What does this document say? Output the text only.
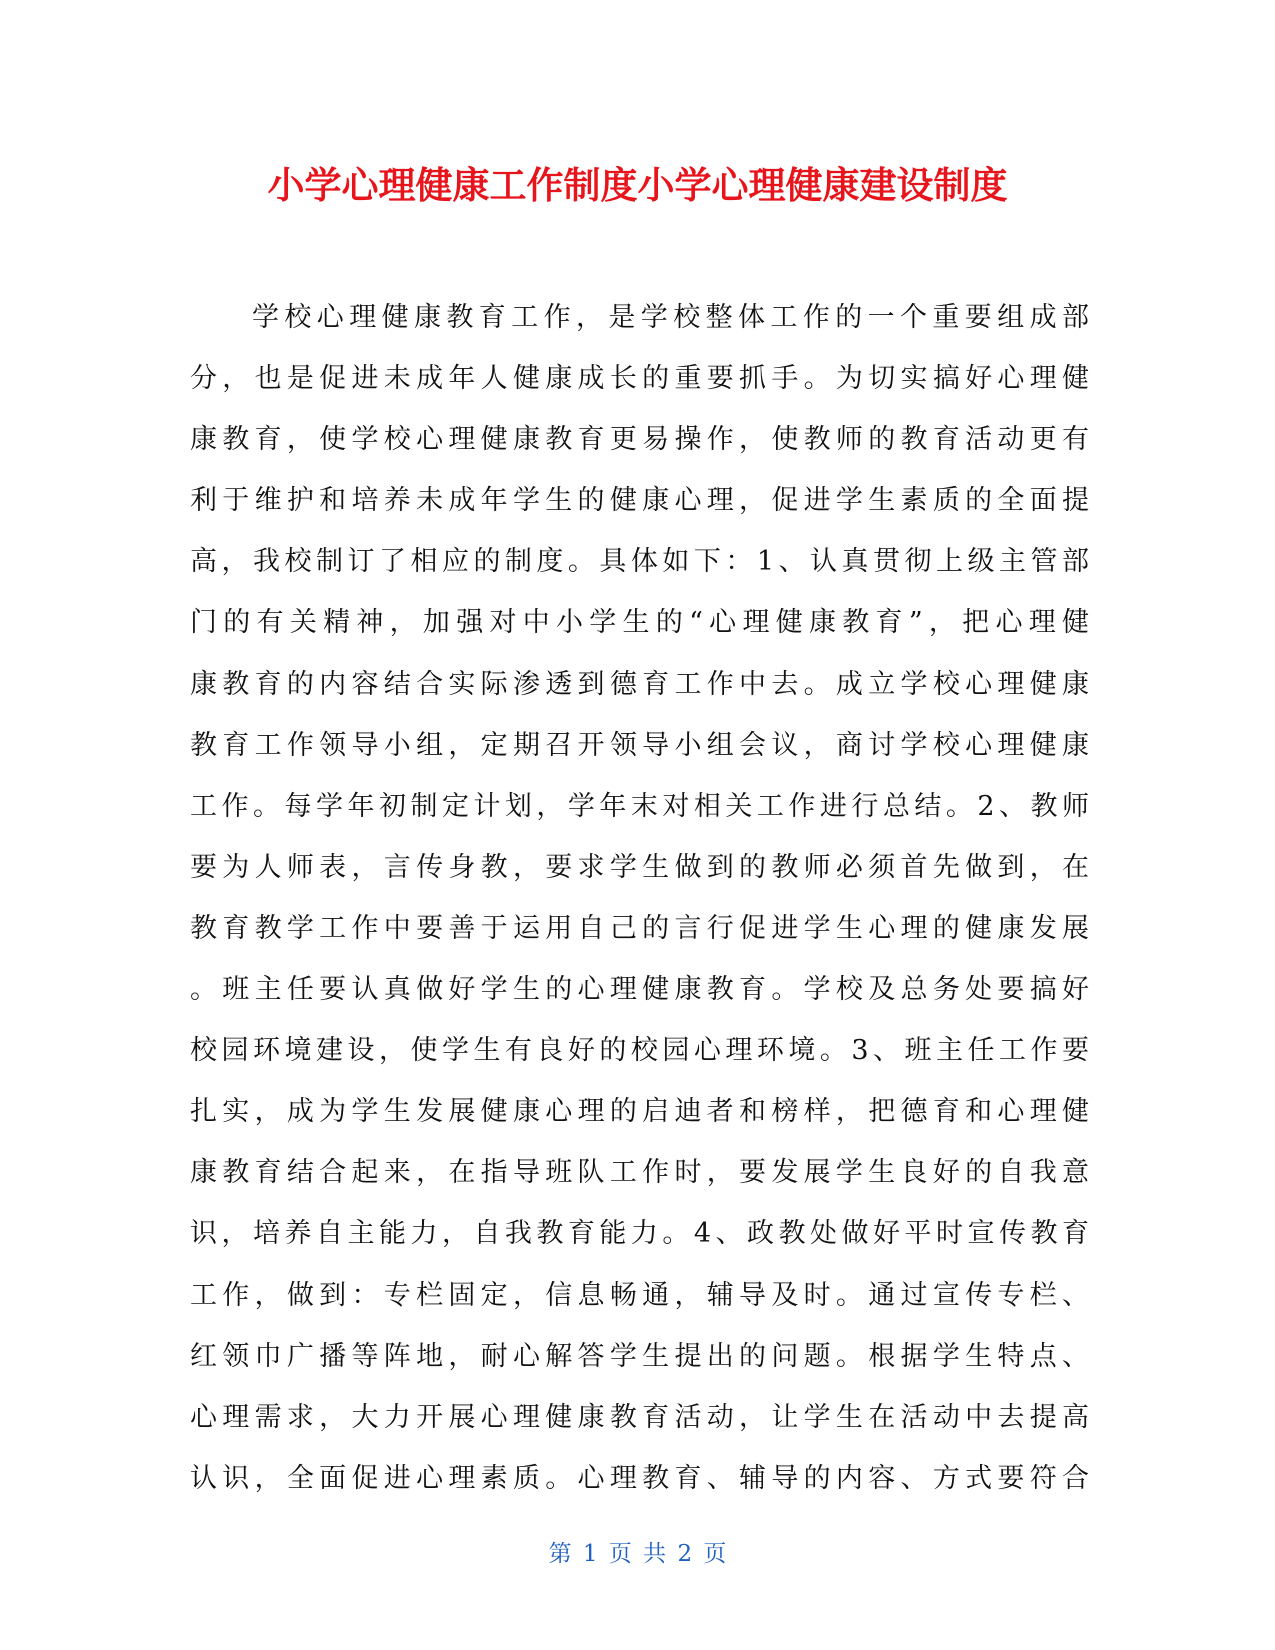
小学心理健康工作制度小学心理健康建设制度
学校心理健康教育工作，是学校整体工作的一个重要组成部
分，也是促进未成年人健康成长的重要抓手。为切实搞好心理健
康教育，使学校心理健康教育更易操作，使教师的教育活动更有
利于维护和培养未成年学生的健康心理，促进学生素质的全面提
高，我校制订了相应的制度。具体如下：1、认真贯彻上级主管部
门的有关精神，加强对中小学生的“心理健康教育”，把心理健
康教育的内容结合实际渗透到德育工作中去。成立学校心理健康
教育工作领导小组，定期召开领导小组会议，商讨学校心理健康
工作。每学年初制定计划，学年末对相关工作进行总结。2、教师
要为人师表，言传身教，要求学生做到的教师必须首先做到，在
教育教学工作中要善于运用自己的言行促进学生心理的健康发展
。班主任要认真做好学生的心理健康教育。学校及总务处要搞好
校园环境建设，使学生有良好的校园心理环境。3、班主任工作要
扎实，成为学生发展健康心理的启迪者和榜样，把德育和心理健
康教育结合起来，在指导班队工作时，要发展学生良好的自我意
识，培养自主能力，自我教育能力。4、政教处做好平时宣传教育
工作，做到：专栏固定，信息畅通，辅导及时。通过宣传专栏、
红领巾广播等阵地，耐心解答学生提出的问题。根据学生特点、
心理需求，大力开展心理健康教育活动，让学生在活动中去提高
认识，全面促进心理素质。心理教育、辅导的内容、方式要符合
第 1 页 共 2 页
